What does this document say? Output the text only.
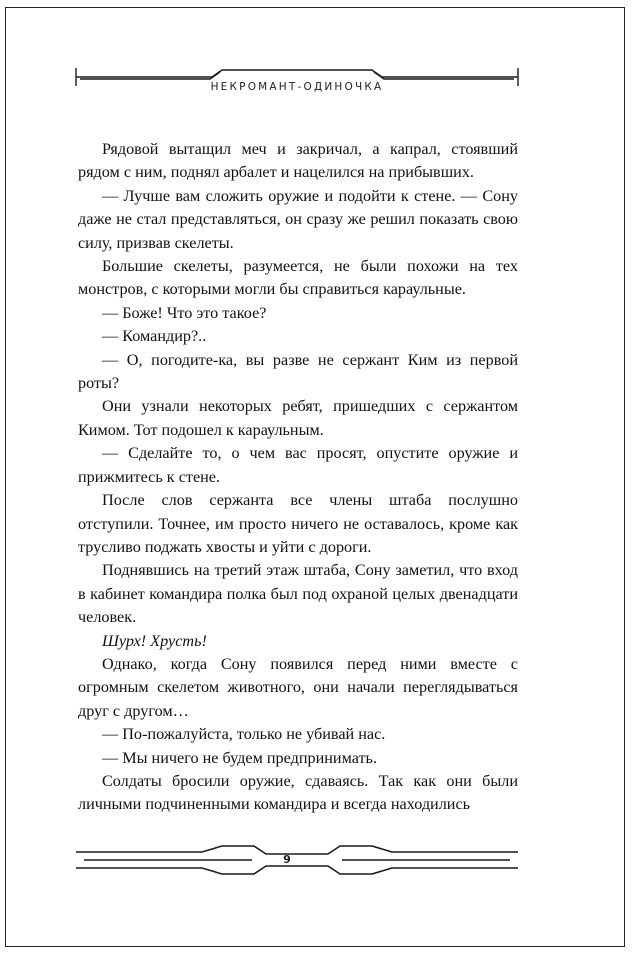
НЕКРОМАНТ-ОДИНОЧКА

Рядовой вытащил меч и закричал, а капрал, стоявший рядом с ним, поднял арбалет и нацелился на прибывших.

— Лучше вам сложить оружие и подойти к стене. — Сону даже не стал представляться, он сразу же решил показать свою силу, призвав скелеты.

Большие скелеты, разумеется, не были похожи на тех монстров, с которыми могли бы справиться караульные.

— Боже! Что это такое?

— Командир?..

— О, погодите-ка, вы разве не сержант Ким из первой роты?

Они узнали некоторых ребят, пришедших с сержантом Кимом. Тот подошел к караульным.

— Сделайте то, о чем вас просят, опустите оружие и прижмитесь к стене.

После слов сержанта все члены штаба послушно отступили. Точнее, им просто ничего не оставалось, кроме как трусливо поджать хвосты и уйти с дороги.

Поднявшись на третий этаж штаба, Сону заметил, что вход в кабинет командира полка был под охраной целых двенадцати человек.

Шурх! Хрусть!

Однако, когда Сону появился перед ними вместе с огромным скелетом животного, они начали переглядываться друг с другом…

— По-пожалуйста, только не убивай нас.

— Мы ничего не будем предпринимать.

Солдаты бросили оружие, сдаваясь. Так как они были личными подчиненными командира и всегда находились

9
